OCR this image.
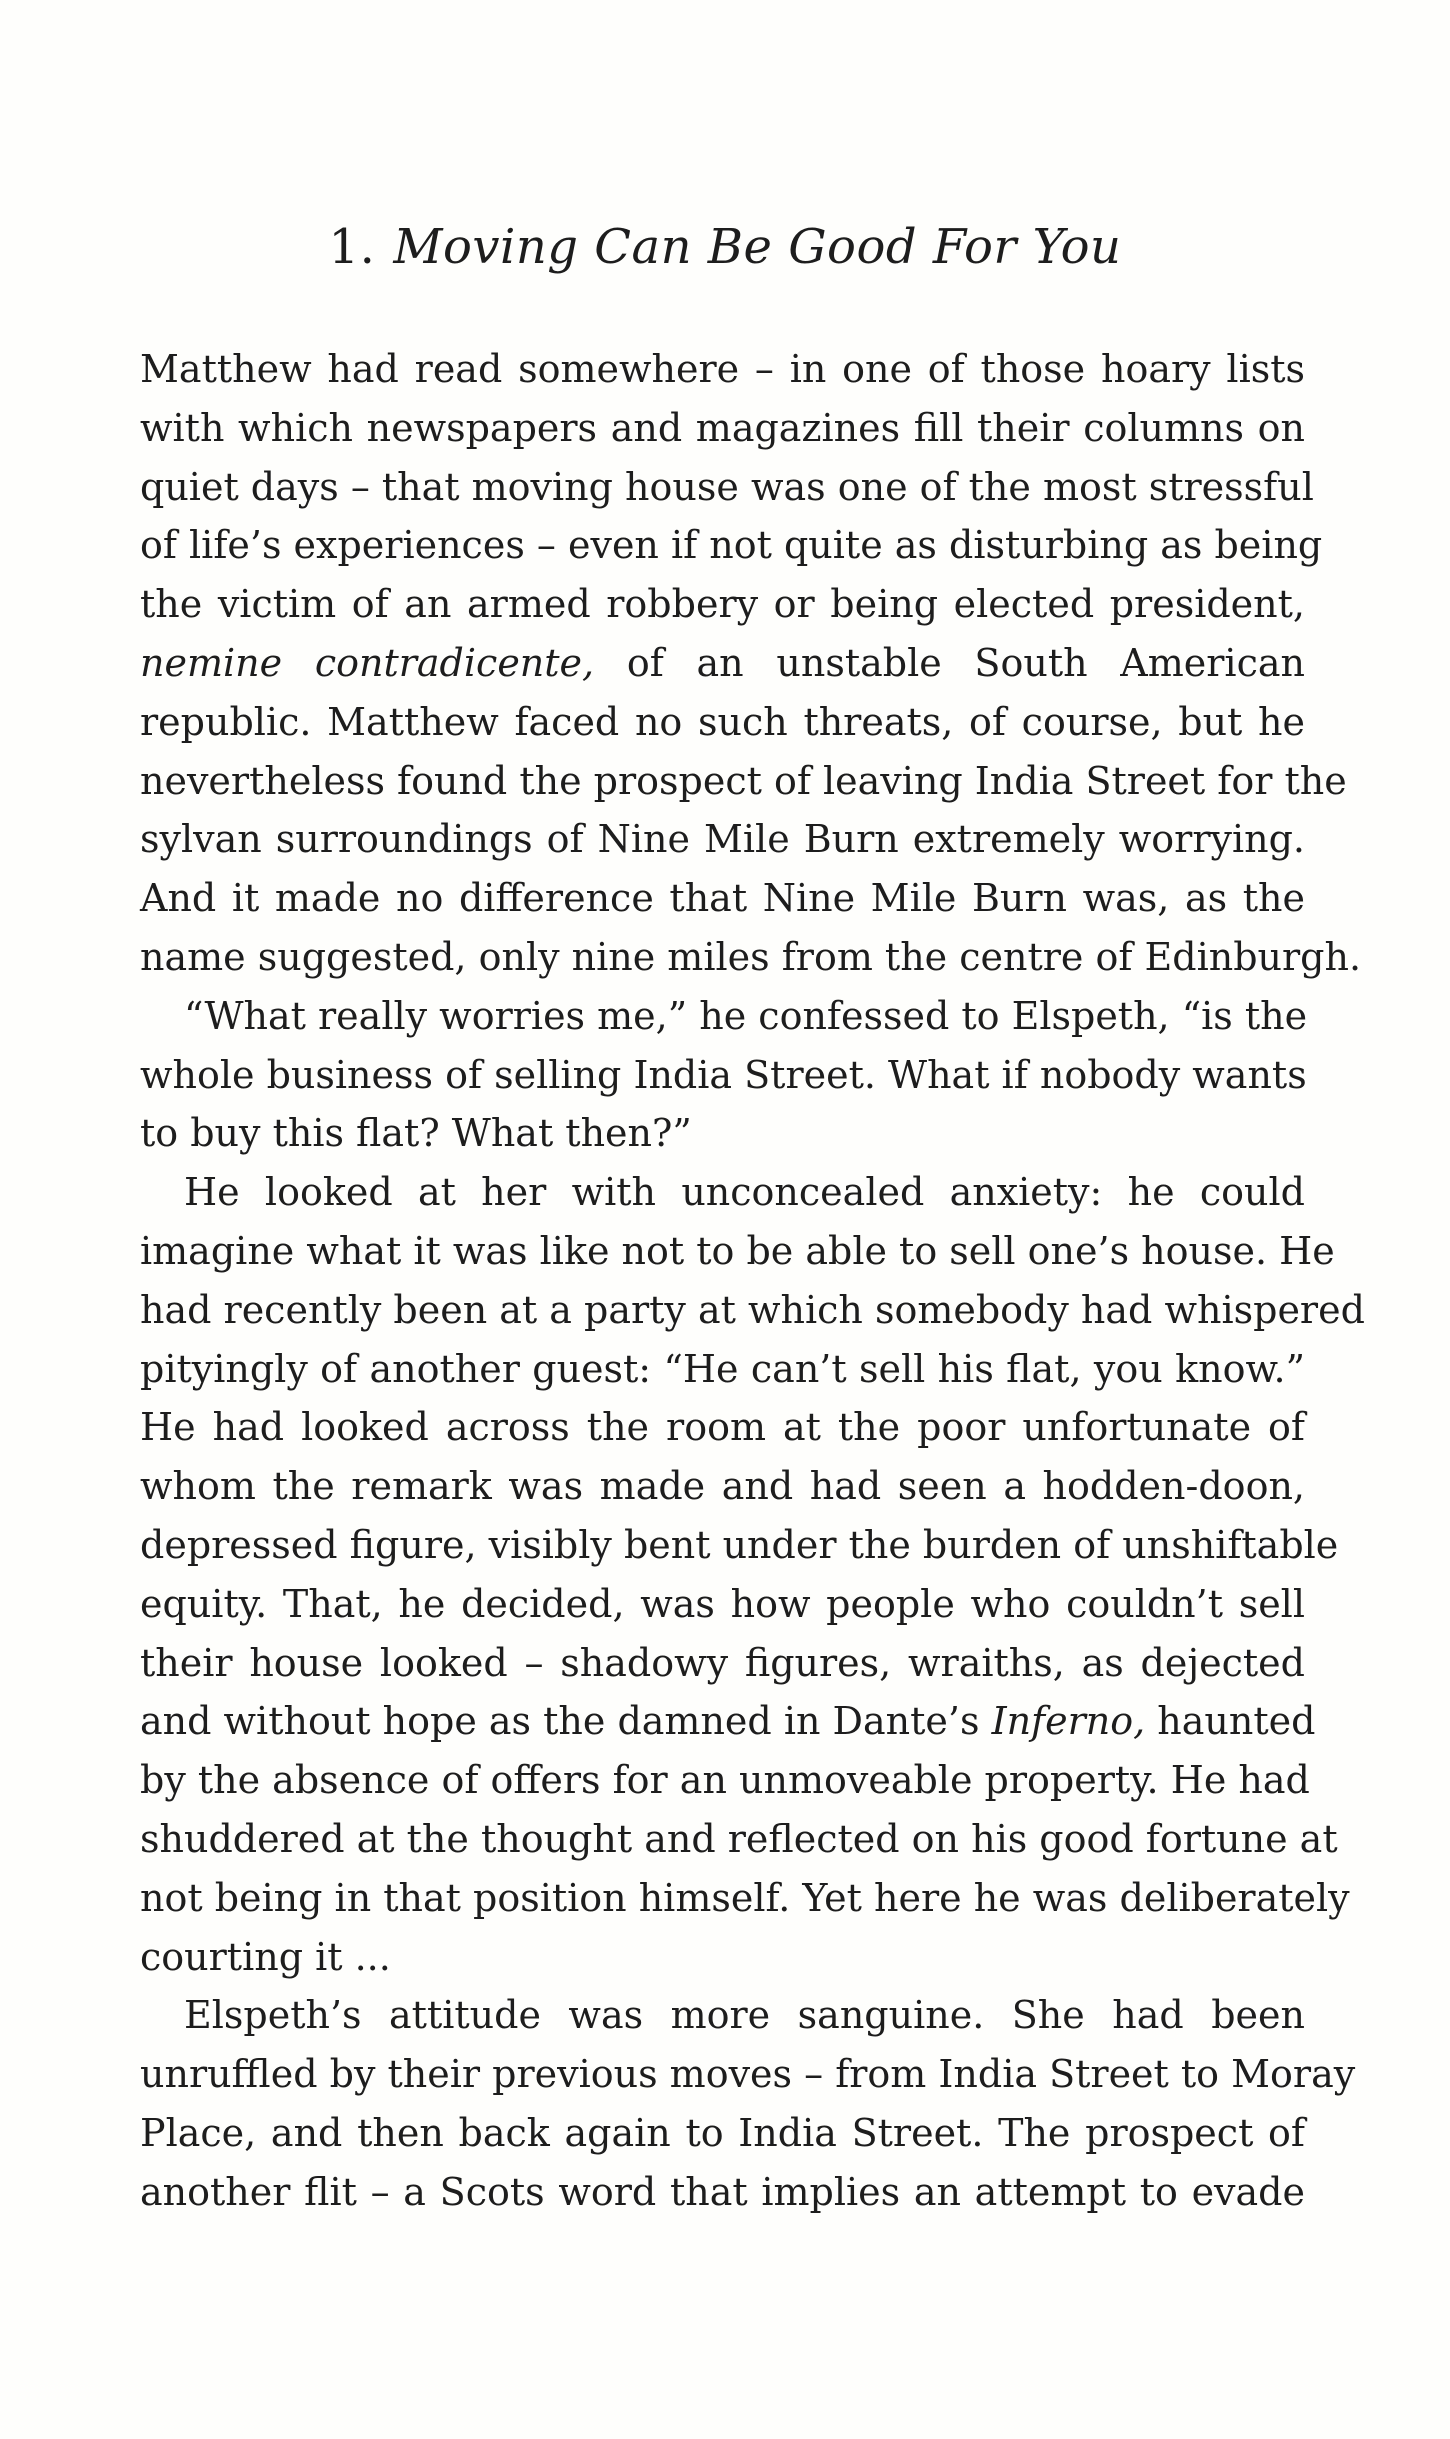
1. Moving Can Be Good For You
Matthew had read somewhere – in one of those hoary lists
with which newspapers and magazines fill their columns on
quiet days – that moving house was one of the most stressful
of life’s experiences – even if not quite as disturbing as being
the victim of an armed robbery or being elected president,
nemine contradicente, of an unstable South American
republic. Matthew faced no such threats, of course, but he
nevertheless found the prospect of leaving India Street for the
sylvan surroundings of Nine Mile Burn extremely worrying.
And it made no difference that Nine Mile Burn was, as the
name suggested, only nine miles from the centre of Edinburgh.
“What really worries me,” he confessed to Elspeth, “is the
whole business of selling India Street. What if nobody wants
to buy this flat? What then?”
He looked at her with unconcealed anxiety: he could
imagine what it was like not to be able to sell one’s house. He
had recently been at a party at which somebody had whispered
pityingly of another guest: “He can’t sell his flat, you know.”
He had looked across the room at the poor unfortunate of
whom the remark was made and had seen a hodden-doon,
depressed figure, visibly bent under the burden of unshiftable
equity. That, he decided, was how people who couldn’t sell
their house looked – shadowy figures, wraiths, as dejected
and without hope as the damned in Dante’s Inferno, haunted
by the absence of offers for an unmoveable property. He had
shuddered at the thought and reflected on his good fortune at
not being in that position himself. Yet here he was deliberately
courting it ...
Elspeth’s attitude was more sanguine. She had been
unruffled by their previous moves – from India Street to Moray
Place, and then back again to India Street. The prospect of
another flit – a Scots word that implies an attempt to evade
